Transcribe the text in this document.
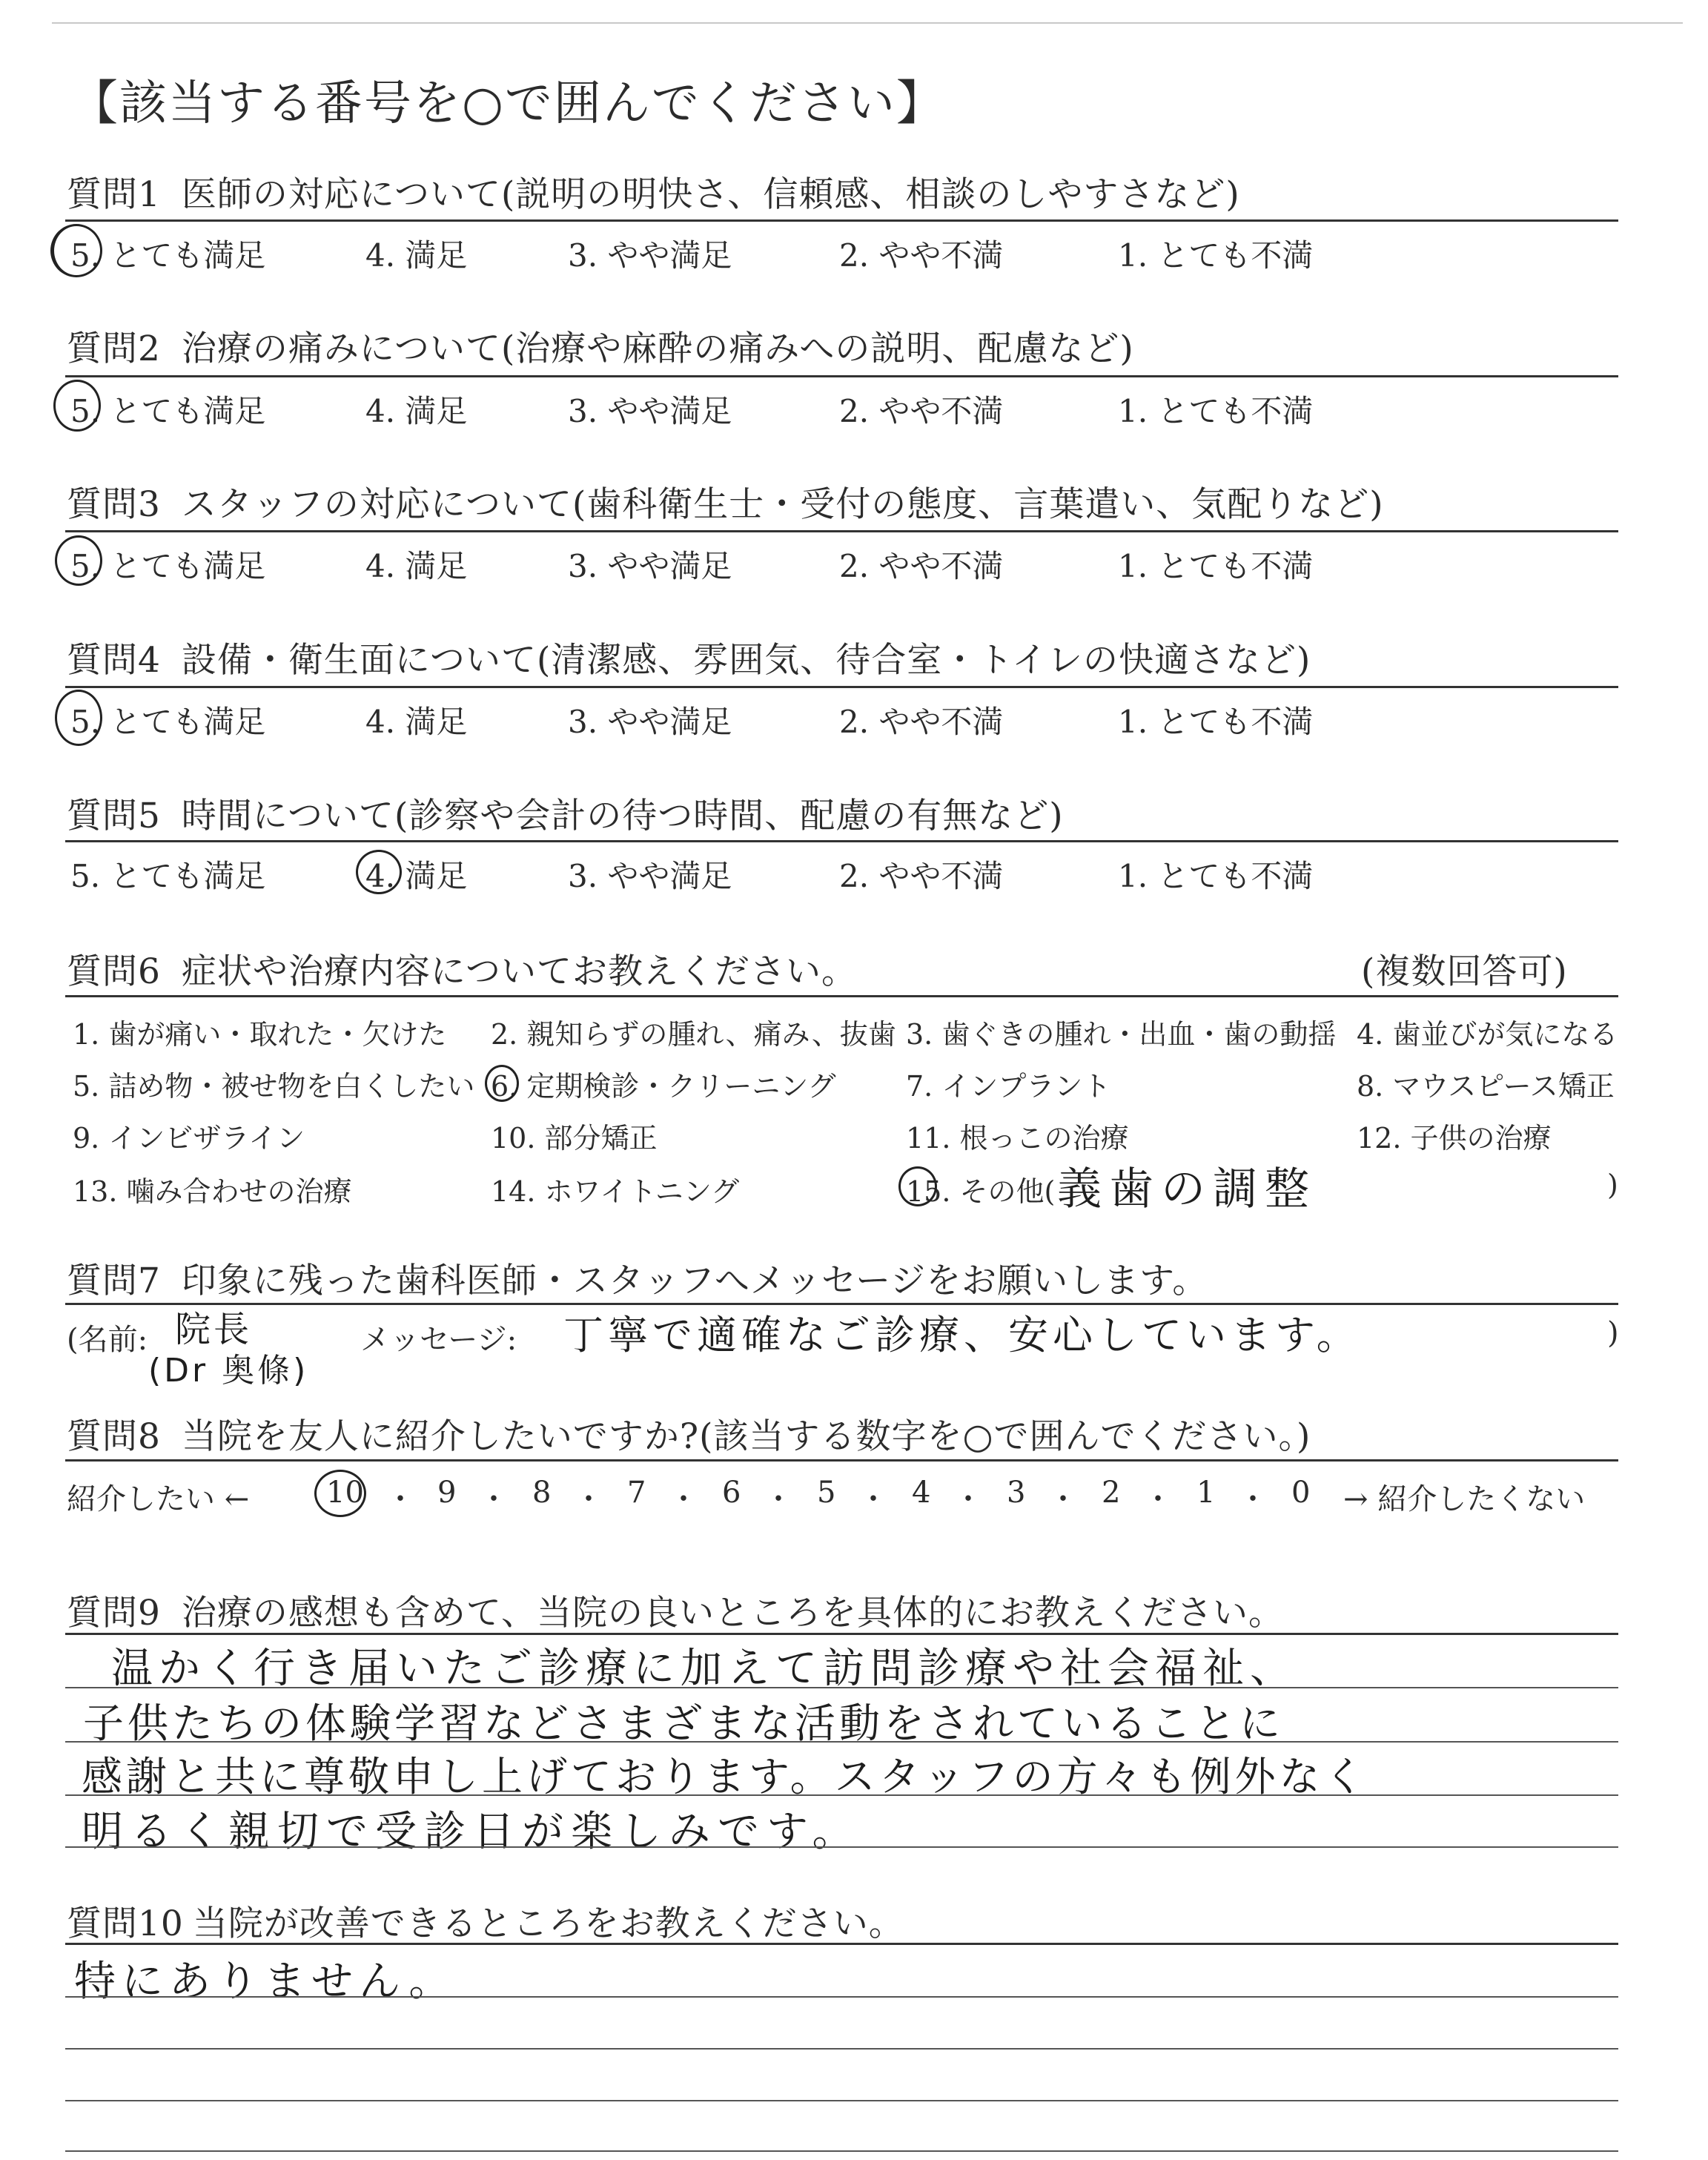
【該当する番号を○で囲んでください】
質問1 医師の対応について(説明の明快さ、信頼感、相談のしやすさなど)
5. とても満足	4. 満足	3. やや満足	2. やや不満	1. とても不満
質問2 治療の痛みについて(治療や麻酔の痛みへの説明、配慮など)
5. とても満足	4. 満足	3. やや満足	2. やや不満	1. とても不満
質問3 スタッフの対応について(歯科衛生士・受付の態度、言葉遣い、気配りなど)
5. とても満足	4. 満足	3. やや満足	2. やや不満	1. とても不満
質問4 設備・衛生面について(清潔感、雰囲気、待合室・トイレの快適さなど)
5. とても満足	4. 満足	3. やや満足	2. やや不満	1. とても不満
質問5 時間について(診察や会計の待つ時間、配慮の有無など)
5. とても満足	4. 満足	3. やや満足	2. やや不満	1. とても不満
質問6 症状や治療内容についてお教えください。	(複数回答可)
1. 歯が痛い・取れた・欠けた 2. 親知らずの腫れ、痛み、抜歯 3. 歯ぐきの腫れ・出血・歯の動揺 4. 歯並びが気になる
5. 詰め物・被せ物を白くしたい 6. 定期検診・クリーニング 7. インプラント	8. マウスピース矯正
9. インビザライン	10. 部分矯正	11. 根っこの治療	12. 子供の治療
13. 噛み合わせの治療	14. ホワイトニング	15. その他(	)
義歯の調整
質問7 印象に残った歯科医師・スタッフへメッセージをお願いします。
(名前: 院長
(Dr 奥條)
メッセージ: 丁寧で適確なご診療、安心しています。	)
質問8 当院を友人に紹介したいですか?(該当する数字を○で囲んでください。)
紹介したい ←	10 ・ 9 ・ 8 ・ 7 ・ 6 ・ 5 ・ 4 ・ 3 ・ 2 ・ 1 ・ 0 → 紹介したくない
質問9 治療の感想も含めて、当院の良いところを具体的にお教えください。
温かく行き届いたご診療に加えて訪問診療や社会福祉、
子供たちの体験学習などさまざまな活動をされていることに
感謝と共に尊敬申し上げております。スタッフの方々も例外なく
明るく親切で受診日が楽しみです。
質問10 当院が改善できるところをお教えください。
特にありません。
